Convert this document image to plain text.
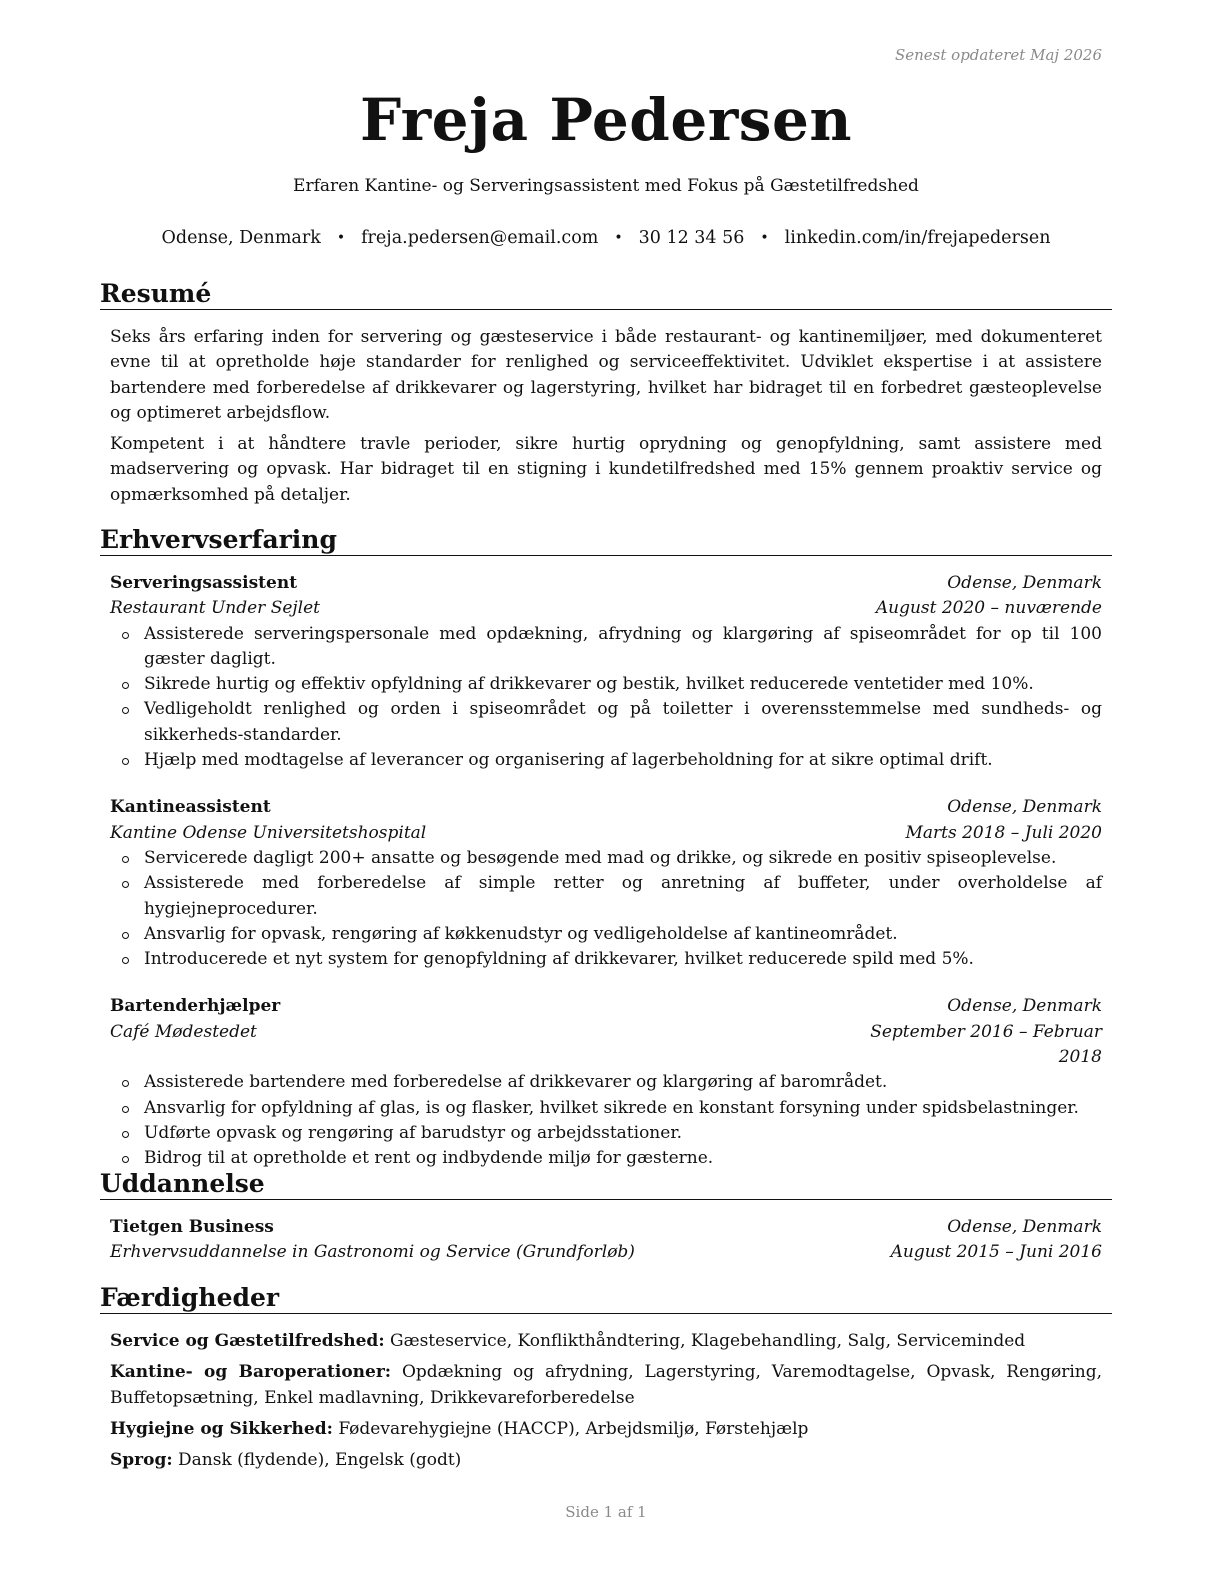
Senest opdateret Maj 2026
Freja Pedersen
Erfaren Kantine- og Serveringsassistent med Fokus på Gæstetilfredshed
Odense, Denmark • freja.pedersen@email.com • 30 12 34 56 • linkedin.com/in/frejapedersen
Resumé
Seks års erfaring inden for servering og gæsteservice i både restaurant- og kantinemiljøer, med dokumenteret evne til at opretholde høje standarder for renlighed og serviceeffektivitet. Udviklet ekspertise i at assistere bartendere med forberedelse af drikkevarer og lagerstyring, hvilket har bidraget til en forbedret gæsteoplevelse og optimeret arbejdsflow.
Kompetent i at håndtere travle perioder, sikre hurtig oprydning og genopfyldning, samt assistere med madservering og opvask. Har bidraget til en stigning i kundetilfredshed med 15% gennem proaktiv service og opmærksomhed på detaljer.
Erhvervserfaring
Serveringsassistent	Odense, Denmark
Restaurant Under Sejlet	August 2020 – nuværende
Assisterede serveringspersonale med opdækning, afrydning og klargøring af spiseområdet for op til 100 gæster dagligt.
Sikrede hurtig og effektiv opfyldning af drikkevarer og bestik, hvilket reducerede ventetider med 10%.
Vedligeholdt renlighed og orden i spiseområdet og på toiletter i overensstemmelse med sundheds- og sikkerheds-standarder.
Hjælp med modtagelse af leverancer og organisering af lagerbeholdning for at sikre optimal drift.
Kantineassistent	Odense, Denmark
Kantine Odense Universitetshospital	Marts 2018 – Juli 2020
Servicerede dagligt 200+ ansatte og besøgende med mad og drikke, og sikrede en positiv spiseoplevelse.
Assisterede med forberedelse af simple retter og anretning af buffeter, under overholdelse af hygiejneprocedurer.
Ansvarlig for opvask, rengøring af køkkenudstyr og vedligeholdelse af kantineområdet.
Introducerede et nyt system for genopfyldning af drikkevarer, hvilket reducerede spild med 5%.
Bartenderhjælper	Odense, Denmark
Café Mødestedet	September 2016 – Februar 2018
Assisterede bartendere med forberedelse af drikkevarer og klargøring af barområdet.
Ansvarlig for opfyldning af glas, is og flasker, hvilket sikrede en konstant forsyning under spidsbelastninger.
Udførte opvask og rengøring af barudstyr og arbejdsstationer.
Bidrog til at opretholde et rent og indbydende miljø for gæsterne.
Uddannelse
Tietgen Business	Odense, Denmark
Erhvervsuddannelse in Gastronomi og Service (Grundforløb)	August 2015 – Juni 2016
Færdigheder
Service og Gæstetilfredshed: Gæsteservice, Konflikthåndtering, Klagebehandling, Salg, Serviceminded
Kantine- og Baroperationer: Opdækning og afrydning, Lagerstyring, Varemodtagelse, Opvask, Rengøring, Buffetopsætning, Enkel madlavning, Drikkevareforberedelse
Hygiejne og Sikkerhed: Fødevarehygiejne (HACCP), Arbejdsmiljø, Førstehjælp
Sprog: Dansk (flydende), Engelsk (godt)
Side 1 af 1
